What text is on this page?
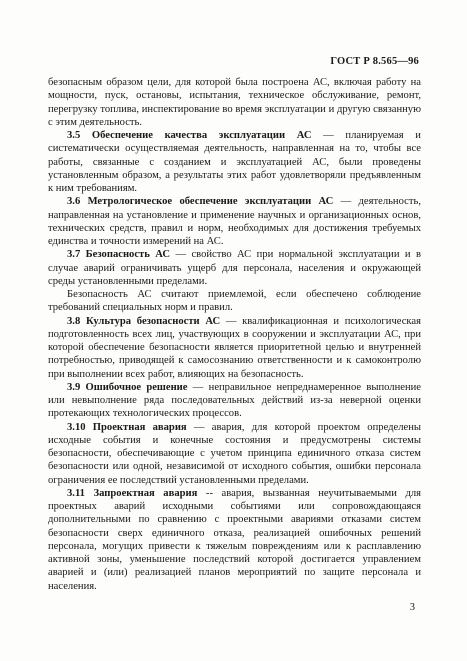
ГОСТ Р 8.565—96

безопасным образом цели, для которой была построена АС, включая работу на мощности, пуск, остановы, испытания, техническое обслуживание, ремонт, перегрузку топлива, инспектирование во время эксплуатации и другую связанную с этим деятельность.

3.5 Обеспечение качества эксплуатации АС — планируемая и систематически осуществляемая деятельность, направленная на то, чтобы все работы, связанные с созданием и эксплуатацией АС, были проведены установленным образом, а результаты этих работ удовлетворяли предъявленным к ним требованиям.

3.6 Метрологическое обеспечение эксплуатации АС — деятельность, направленная на установление и применение научных и организационных основ, технических средств, правил и норм, необходимых для достижения требуемых единства и точности измерений на АС.

3.7 Безопасность АС — свойство АС при нормальной эксплуатации и в случае аварий ограничивать ущерб для персонала, населения и окружающей среды установленными пределами.

Безопасность АС считают приемлемой, если обеспечено соблюдение требований специальных норм и правил.

3.8 Культура безопасности АС — квалификационная и психологическая подготовленность всех лиц, участвующих в сооружении и эксплуатации АС, при которой обеспечение безопасности является приоритетной целью и внутренней потребностью, приводящей к самосознанию ответственности и к самоконтролю при выполнении всех работ, влияющих на безопасность.

3.9 Ошибочное решение — неправильное непреднамеренное выполнение или невыполнение ряда последовательных действий из-за неверной оценки протекающих технологических процессов.

3.10 Проектная авария — авария, для которой проектом определены исходные события и конечные состояния и предусмотрены системы безопасности, обеспечивающие с учетом принципа единичного отказа систем безопасности или одной, независимой от исходного события, ошибки персонала ограничения ее последствий установленными пределами.

3.11 Запроектная авария -- авария, вызванная неучитываемыми для проектных аварий исходными событиями или сопровождающаяся дополнительными по сравнению с проектными авариями отказами систем безопасности сверх единичного отказа, реализацией ошибочных решений персонала, могущих привести к тяжелым повреждениям или к расплавлению активной зоны, уменьшение последствий которой достигается управлением аварией и (или) реализацией планов мероприятий по защите персонала и населения.

3
